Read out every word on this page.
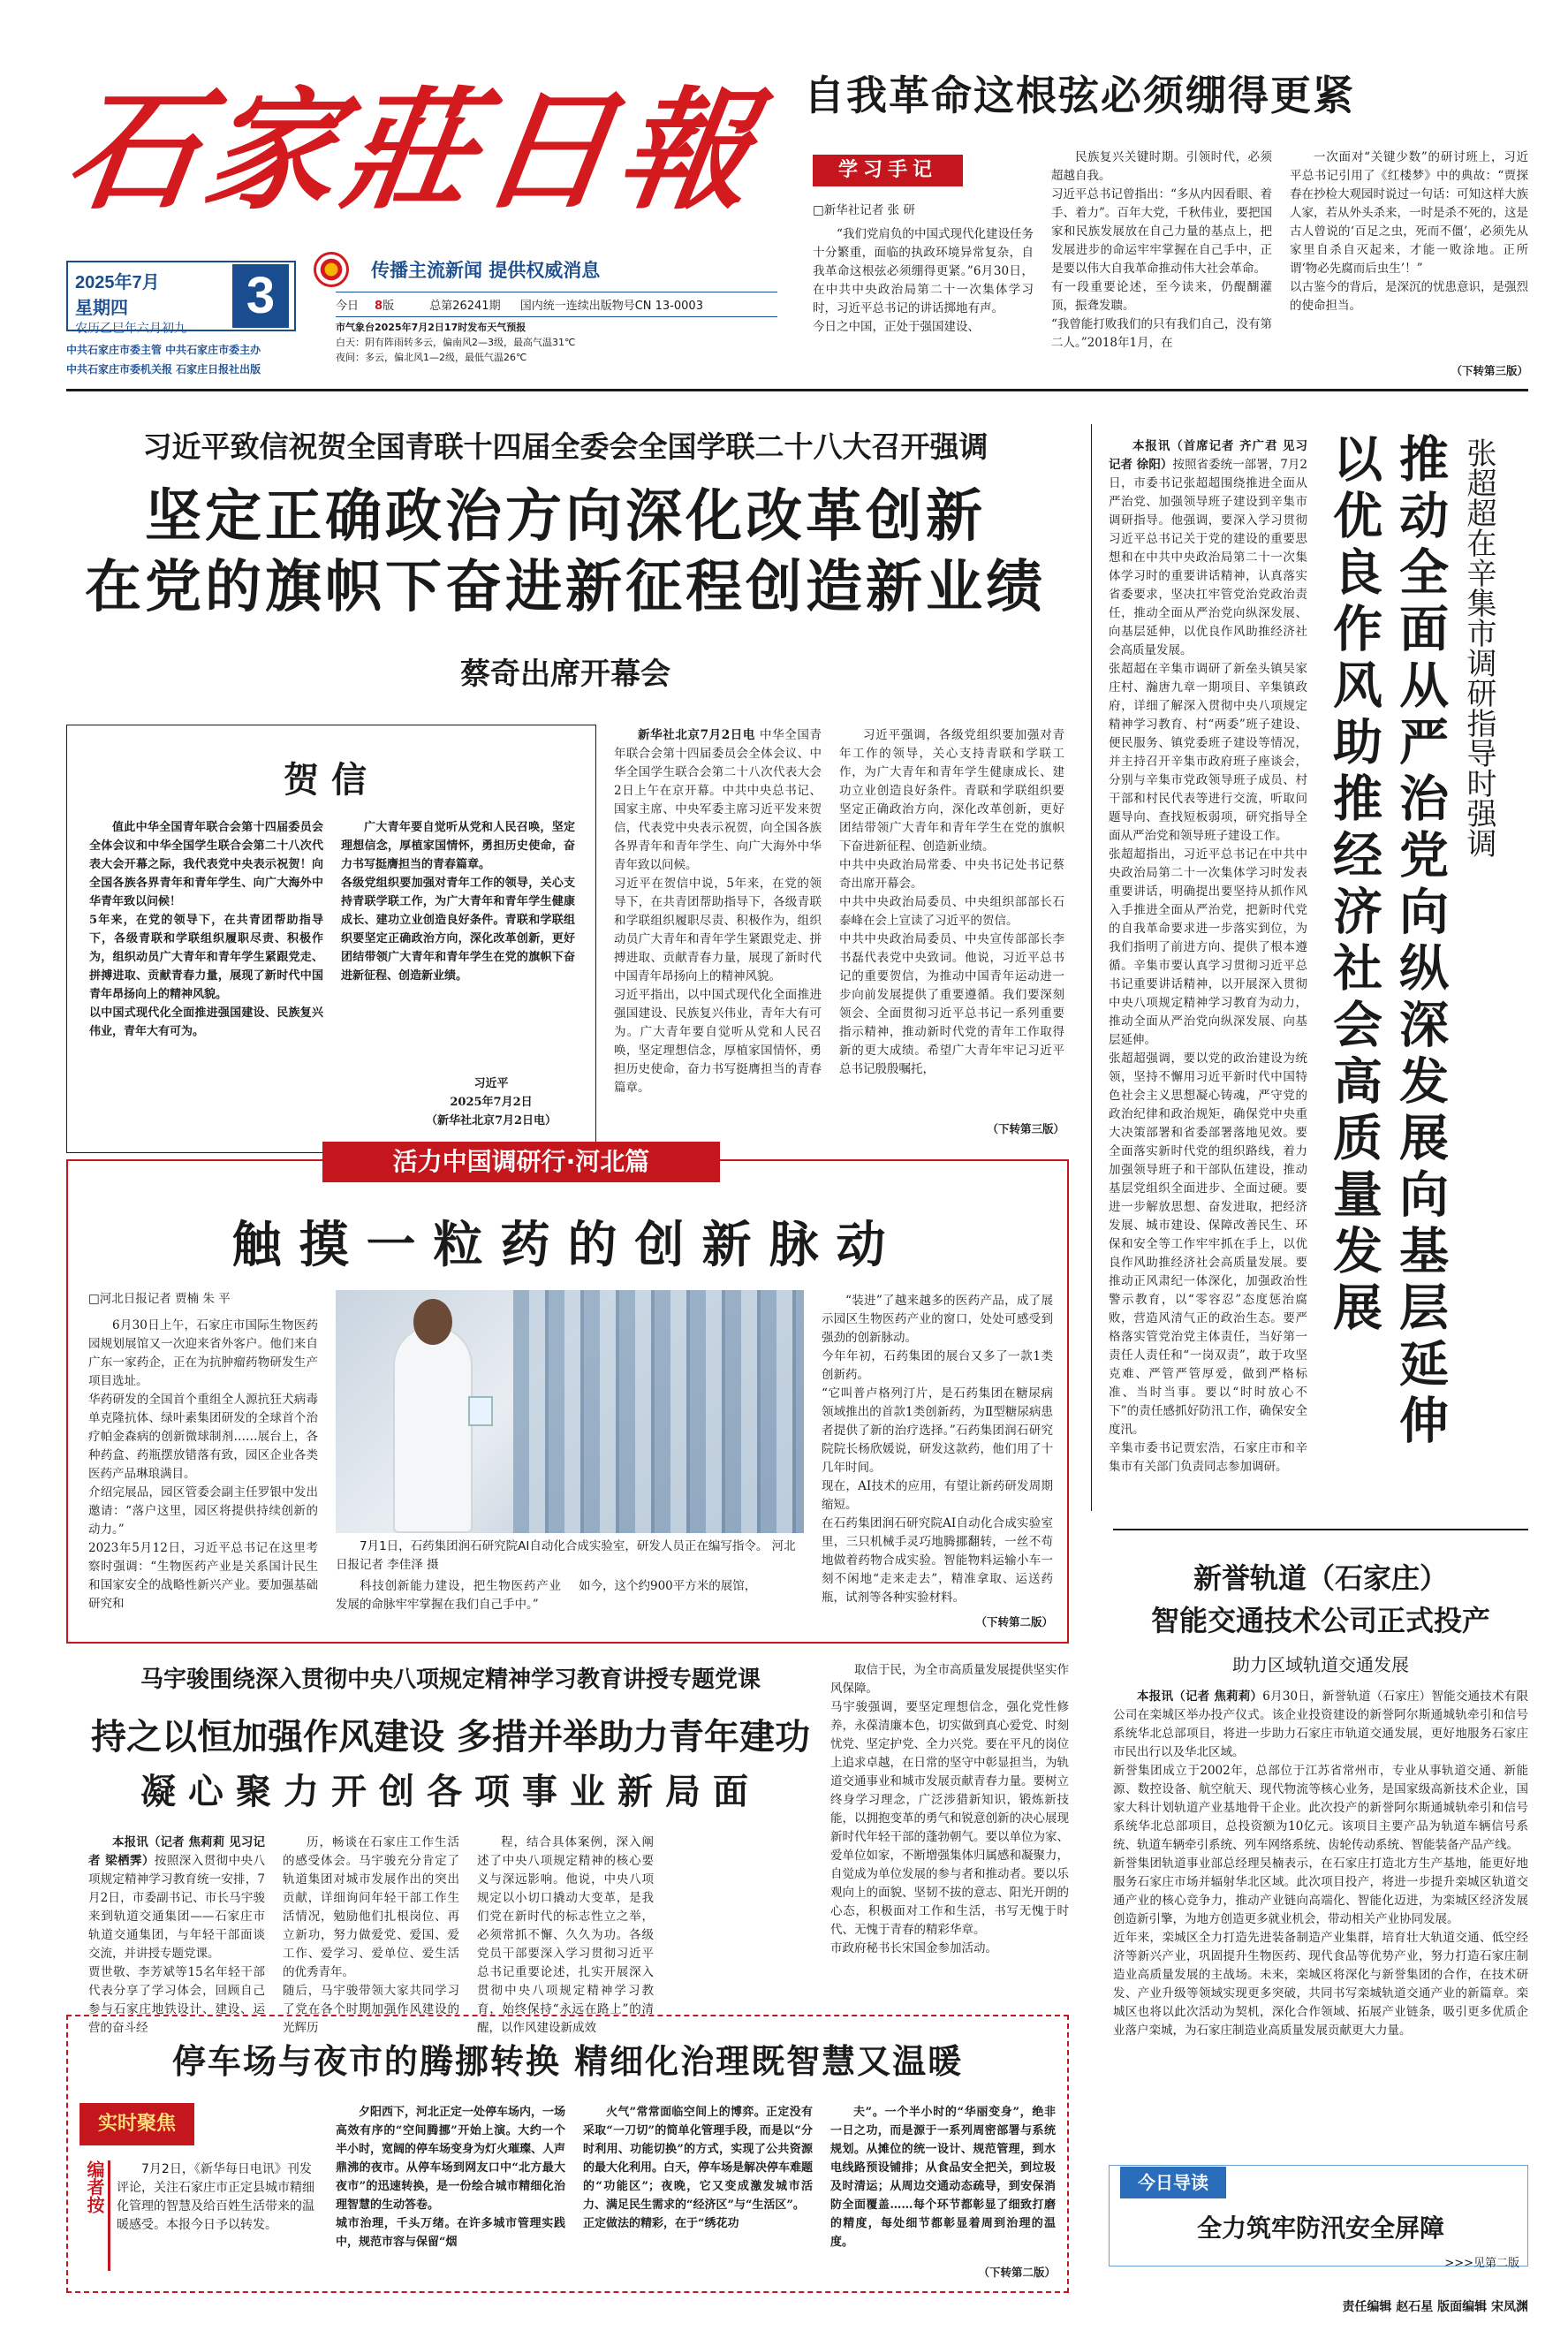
石家莊日報
2025年7月
星期四
农历乙巳年六月初九
3
中共石家庄市委主管 中共石家庄市委主办
中共石家庄市委机关报 石家庄日报社出版
传播主流新闻 提供权威消息
今日 8版	总第26241期 国内统一连续出版物号CN 13-0003
市气象台2025年7月2日17时发布天气预报
白天：阴有阵雨转多云，偏南风2—3级，最高气温31℃
夜间：多云，偏北风1—2级，最低气温26℃
自我革命这根弦必须绷得更紧
学习手记
□新华社记者 张 研
“我们党肩负的中国式现代化建设任务十分繁重，面临的执政环境异常复杂，自我革命这根弦必须绷得更紧。”6月30日，在中共中央政治局第二十一次集体学习时，习近平总书记的讲话掷地有声。
今日之中国，正处于强国建设、
民族复兴关键时期。引领时代，必须超越自我。
习近平总书记曾指出：“多从内因看眼、着手、着力”。百年大党，千秋伟业，要把国家和民族发展放在自己力量的基点上，把发展进步的命运牢牢掌握在自己手中，正是要以伟大自我革命推动伟大社会革命。
有一段重要论述，至今读来，仍醍醐灌顶，振聋发聩。
“我曾能打败我们的只有我们自己，没有第二人。”2018年1月，在
一次面对“关键少数”的研讨班上，习近平总书记引用了《红楼梦》中的典故：“贾探春在抄检大观园时说过一句话：可知这样大族人家，若从外头杀来，一时是杀不死的，这是古人曾说的‘百足之虫，死而不僵’，必须先从家里自杀自灭起来，才能一败涂地。正所谓‘物必先腐而后虫生’！”
以古鉴今的背后，是深沉的忧患意识，是强烈的使命担当。
（下转第三版）
习近平致信祝贺全国青联十四届全委会全国学联二十八大召开强调
坚定正确政治方向深化改革创新
在党的旗帜下奋进新征程创造新业绩
蔡奇出席开幕会
贺信
值此中华全国青年联合会第十四届委员会全体会议和中华全国学生联合会第二十八次代表大会开幕之际，我代表党中央表示祝贺！向全国各族各界青年和青年学生、向广大海外中华青年致以问候！
5年来，在党的领导下，在共青团帮助指导下，各级青联和学联组织履职尽责、积极作为，组织动员广大青年和青年学生紧跟党走、拼搏进取、贡献青春力量，展现了新时代中国青年昂扬向上的精神风貌。
以中国式现代化全面推进强国建设、民族复兴伟业，青年大有可为。
广大青年要自觉听从党和人民召唤，坚定理想信念，厚植家国情怀，勇担历史使命，奋力书写挺膺担当的青春篇章。
各级党组织要加强对青年工作的领导，关心支持青联学联工作，为广大青年和青年学生健康成长、建功立业创造良好条件。青联和学联组织要坚定正确政治方向，深化改革创新，更好团结带领广大青年和青年学生在党的旗帜下奋进新征程、创造新业绩。
习近平
2025年7月2日
（新华社北京7月2日电）
新华社北京7月2日电 中华全国青年联合会第十四届委员会全体会议、中华全国学生联合会第二十八次代表大会2日上午在京开幕。中共中央总书记、国家主席、中央军委主席习近平发来贺信，代表党中央表示祝贺，向全国各族各界青年和青年学生、向广大海外中华青年致以问候。
习近平在贺信中说，5年来，在党的领导下，在共青团帮助指导下，各级青联和学联组织履职尽责、积极作为，组织动员广大青年和青年学生紧跟党走、拼搏进取、贡献青春力量，展现了新时代中国青年昂扬向上的精神风貌。
习近平指出，以中国式现代化全面推进强国建设、民族复兴伟业，青年大有可为。广大青年要自觉听从党和人民召唤，坚定理想信念，厚植家国情怀，勇担历史使命，奋力书写挺膺担当的青春篇章。
习近平强调，各级党组织要加强对青年工作的领导，关心支持青联和学联工作，为广大青年和青年学生健康成长、建功立业创造良好条件。青联和学联组织要坚定正确政治方向，深化改革创新，更好团结带领广大青年和青年学生在党的旗帜下奋进新征程、创造新业绩。
中共中央政治局常委、中央书记处书记蔡奇出席开幕会。
中共中央政治局委员、中央组织部部长石泰峰在会上宣读了习近平的贺信。
中共中央政治局委员、中央宣传部部长李书磊代表党中央致词。他说，习近平总书记的重要贺信，为推动中国青年运动进一步向前发展提供了重要遵循。我们要深刻领会、全面贯彻习近平总书记一系列重要指示精神，推动新时代党的青年工作取得新的更大成绩。希望广大青年牢记习近平总书记殷殷嘱托，
（下转第三版）
张超超在辛集市调研指导时强调
推动全面从严治党向纵深发展向基层延伸
以优良作风助推经济社会高质量发展
本报讯（首席记者 齐广君 见习记者 徐阳）按照省委统一部署，7月2日，市委书记张超超围绕推进全面从严治党、加强领导班子建设到辛集市调研指导。他强调，要深入学习贯彻习近平总书记关于党的建设的重要思想和在中共中央政治局第二十一次集体学习时的重要讲话精神，认真落实省委要求，坚决扛牢管党治党政治责任，推动全面从严治党向纵深发展、向基层延伸，以优良作风助推经济社会高质量发展。
张超超在辛集市调研了新垒头镇吴家庄村、瀚唐九章一期项目、辛集镇政府，详细了解深入贯彻中央八项规定精神学习教育、村“两委”班子建设、便民服务、镇党委班子建设等情况，并主持召开辛集市政府班子座谈会，分别与辛集市党政领导班子成员、村干部和村民代表等进行交流，听取问题导向、查找短板弱项，研究指导全面从严治党和领导班子建设工作。
张超超指出，习近平总书记在中共中央政治局第二十一次集体学习时发表重要讲话，明确提出要坚持从抓作风入手推进全面从严治党，把新时代党的自我革命要求进一步落实到位，为我们指明了前进方向、提供了根本遵循。辛集市要认真学习贯彻习近平总书记重要讲话精神，以开展深入贯彻中央八项规定精神学习教育为动力，推动全面从严治党向纵深发展、向基层延伸。
张超超强调，要以党的政治建设为统领，坚持不懈用习近平新时代中国特色社会主义思想凝心铸魂，严守党的政治纪律和政治规矩，确保党中央重大决策部署和省委部署落地见效。要全面落实新时代党的组织路线，着力加强领导班子和干部队伍建设，推动基层党组织全面进步、全面过硬。要进一步解放思想、奋发进取，把经济发展、城市建设、保障改善民生、环保和安全等工作牢牢抓在手上，以优良作风助推经济社会高质量发展。要推动正风肃纪一体深化，加强政治性警示教育，以“零容忍”态度惩治腐败，营造风清气正的政治生态。要严格落实管党治党主体责任，当好第一责任人责任和“一岗双责”，敢于攻坚克难、严管严管厚爱，做到严格标准、当时当事。要以“时时放心不下”的责任感抓好防汛工作，确保安全度汛。
辛集市委书记贾宏浩，石家庄市和辛集市有关部门负责同志参加调研。
活力中国调研行·河北篇
触摸一粒药的创新脉动
□河北日报记者 贾楠 朱 平
6月30日上午，石家庄市国际生物医药园规划展馆又一次迎来省外客户。他们来自广东一家药企，正在为抗肿瘤药物研发生产项目选址。
华药研发的全国首个重组全人源抗狂犬病毒单克隆抗体、绿叶素集团研发的全球首个治疗帕金森病的创新微球制剂……展台上，各种药盒、药瓶摆放错落有致，园区企业各类医药产品琳琅满目。
介绍完展品，园区管委会副主任罗银中发出邀请：“落户这里，园区将提供持续创新的动力。”
2023年5月12日，习近平总书记在这里考察时强调：“生物医药产业是关系国计民生和国家安全的战略性新兴产业。要加强基础研究和
7月1日，石药集团润石研究院AI自动化合成实验室，研发人员正在编写指令。 河北日报记者 李佳泽 摄
科技创新能力建设，把生物医药产业发展的命脉牢牢掌握在我们自己手中。”
如今，这个约900平方米的展馆，
“装进”了越来越多的医药产品，成了展示园区生物医药产业的窗口，处处可感受到强劲的创新脉动。
今年年初，石药集团的展台又多了一款1类创新药。
“它叫普卢格列汀片，是石药集团在糖尿病领域推出的首款1类创新药，为Ⅱ型糖尿病患者提供了新的治疗选择。”石药集团润石研究院院长杨欣媛说，研发这款药，他们用了十几年时间。
现在，AI技术的应用，有望让新药研发周期缩短。
在石药集团润石研究院AI自动化合成实验室里，三只机械手灵巧地腾挪翻转，一丝不苟地做着药物合成实验。智能物料运输小车一刻不闲地“走来走去”，精准拿取、运送药瓶，试剂等各种实验材料。
（下转第二版）
马宇骏围绕深入贯彻中央八项规定精神学习教育讲授专题党课
持之以恒加强作风建设 多措并举助力青年建功
凝心聚力开创各项事业新局面
本报讯（记者 焦莉莉 见习记者 梁栖霁）按照深入贯彻中央八项规定精神学习教育统一安排，7月2日，市委副书记、市长马宇骏来到轨道交通集团——石家庄市轨道交通集团，与年轻干部面谈交流，并讲授专题党课。
贾世敬、李芳斌等15名年轻干部代表分享了学习体会，回顾自己参与石家庄地铁设计、建设、运营的奋斗经
历，畅谈在石家庄工作生活的感受体会。马宇骏充分肯定了轨道集团对城市发展作出的突出贡献，详细询问年轻干部工作生活情况，勉励他们扎根岗位、再立新功，努力做爱党、爱国、爱工作、爱学习、爱单位、爱生活的优秀青年。
随后，马宇骏带领大家共同学习了党在各个时期加强作风建设的光辉历
程，结合具体案例，深入阐述了中央八项规定精神的核心要义与深远影响。他说，中央八项规定以小切口撬动大变革，是我们党在新时代的标志性立之举，必须常抓不懈、久久为功。各级党员干部要深入学习贯彻习近平总书记重要论述，扎实开展深入贯彻中央八项规定精神学习教育，始终保持“永远在路上”的清醒，以作风建设新成效
取信于民，为全市高质量发展提供坚实作风保障。
马宇骏强调，要坚定理想信念，强化党性修养，永葆清廉本色，切实做到真心爱党、时刻忧党、坚定护党、全力兴党。要在平凡的岗位上追求卓越，在日常的坚守中彰显担当，为轨道交通事业和城市发展贡献青春力量。要树立终身学习理念，广泛涉猎新知识，锻炼新技能，以拥抱变革的勇气和锐意创新的决心展现新时代年轻干部的蓬勃朝气。要以单位为家、爱单位如家，不断增强集体归属感和凝聚力，自觉成为单位发展的参与者和推动者。要以乐观向上的面貌、坚韧不拔的意志、阳光开朗的心态，积极面对工作和生活，书写无愧于时代、无愧于青春的精彩华章。
市政府秘书长宋国金参加活动。
停车场与夜市的腾挪转换 精细化治理既智慧又温暖
实时聚焦
编者按	7月2日，《新华每日电讯》刊发评论，关注石家庄市正定县城市精细化管理的智慧及给百姓生活带来的温暖感受。本报今日予以转发。
夕阳西下，河北正定一处停车场内，一场高效有序的“空间腾挪”开始上演。大约一个半小时，宽阔的停车场变身为灯火璀璨、人声鼎沸的夜市。从停车场到网友口中“北方最大夜市”的迅速转换，是一份绘合城市精细化治理智慧的生动答卷。
城市治理，千头万绪。在许多城市管理实践中，规范市容与保留“烟
火气”常常面临空间上的博弈。正定没有采取“一刀切”的简单化管理手段，而是以“分时利用、功能切换”的方式，实现了公共资源的最大化利用。白天，停车场是解决停车难题的“功能区”；夜晚，它又变成激发城市活力、满足民生需求的“经济区”与“生活区”。
正定做法的精彩，在于“绣花功
夫”。一个半小时的“华丽变身”，绝非一日之功，而是源于一系列周密部署与系统规划。从摊位的统一设计、规范管理，到水电线路预设铺排；从食品安全把关，到垃圾及时清运；从周边交通动态疏导，到安保消防全面覆盖……每个环节都彰显了细致打磨的精度，每处细节都彰显着周到治理的温度。
（下转第二版）
新誉轨道（石家庄）
智能交通技术公司正式投产
助力区域轨道交通发展
本报讯（记者 焦莉莉）6月30日，新誉轨道（石家庄）智能交通技术有限公司在栾城区举办投产仪式。该企业投资建设的新誉阿尔斯通城轨牵引和信号系统华北总部项目，将进一步助力石家庄市轨道交通发展，更好地服务石家庄市民出行以及华北区域。
新誉集团成立于2002年，总部位于江苏省常州市，专业从事轨道交通、新能源、数控设备、航空航天、现代物流等核心业务，是国家级高新技术企业，国家大科计划轨道产业基地骨干企业。此次投产的新誉阿尔斯通城轨牵引和信号系统华北总部项目，总投资额为10亿元。该项目主要产品为轨道车辆信号系统、轨道车辆牵引系统、列车网络系统、齿轮传动系统、智能装备产品产线。
新誉集团轨道事业部总经理吴楠表示，在石家庄打造北方生产基地，能更好地服务石家庄市场并辐射华北区域。此次项目投产，将进一步提升栾城区轨道交通产业的核心竞争力，推动产业链向高端化、智能化迈进，为栾城区经济发展创造新引擎，为地方创造更多就业机会，带动相关产业协同发展。
近年来，栾城区全力打造先进装备制造产业集群，培育壮大轨道交通、低空经济等新兴产业，巩固提升生物医药、现代食品等优势产业，努力打造石家庄制造业高质量发展的主战场。未来，栾城区将深化与新誉集团的合作，在技术研发、产业升级等领域实现更多突破，共同书写栾城轨道交通产业的新篇章。栾城区也将以此次活动为契机，深化合作领域、拓展产业链条，吸引更多优质企业落户栾城，为石家庄制造业高质量发展贡献更大力量。
今日导读
全力筑牢防汛安全屏障
>>>见第二版
责任编辑 赵石星 版面编辑 宋凤渊
